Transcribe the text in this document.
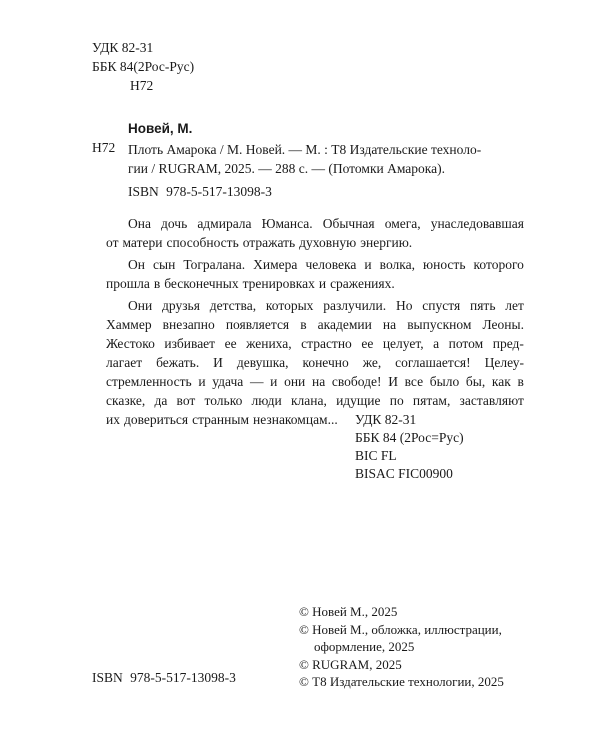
УДК 82-31
ББК 84(2Рос-Рус)
Н72
Новей, М.
Н72 Плоть Амарока / М. Новей. — М. : Т8 Издательские техноло-
гии / RUGRAM, 2025. — 288 с. — (Потомки Амарока).
ISBN 978-5-517-13098-3
Она дочь адмирала Юманса. Обычная омега, унаследовавшая
от матери способность отражать духовную энергию.
Он сын Тогралана. Химера человека и волка, юность которого
прошла в бесконечных тренировках и сражениях.
Они друзья детства, которых разлучили. Но спустя пять лет
Хаммер внезапно появляется в академии на выпускном Леоны.
Жестоко избивает ее жениха, страстно ее целует, а потом пред-
лагает бежать. И девушка, конечно же, соглашается! Целеу-
стремленность и удача — и они на свободе! И все было бы, как в
сказке, да вот только люди клана, идущие по пятам, заставляют
их довериться странным незнакомцам... УДК 82-31
ББК 84 (2Рос=Рус)
BIC FL
BISAC FIC00900
© Новей М., 2025
© Новей М., обложка, иллюстрации,
оформление, 2025
© RUGRAM, 2025
© Т8 Издательские технологии, 2025
ISBN 978-5-517-13098-3
